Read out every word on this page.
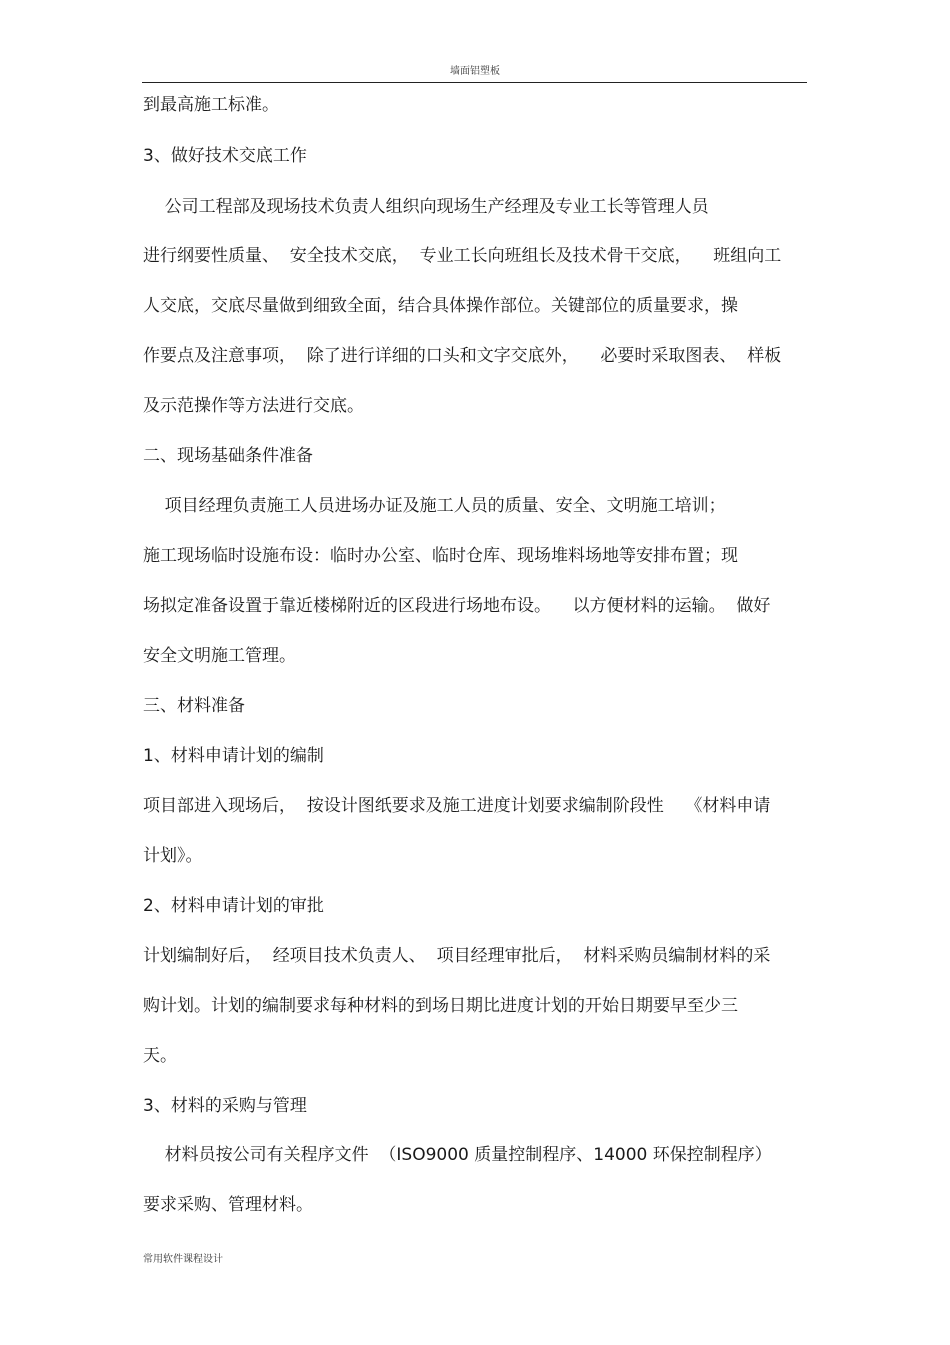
墙面铝塑板
到最高施工标准。
3、做好技术交底工作
公司工程部及现场技术负责人组织向现场生产经理及专业工长等管理人员
进行纲要性质量、  安全技术交底，  专业工长向班组长及技术骨干交底，    班组向工
人交底，交底尽量做到细致全面，结合具体操作部位。关键部位的质量要求，操
作要点及注意事项，  除了进行详细的口头和文字交底外，    必要时采取图表、  样板
及示范操作等方法进行交底。
二、现场基础条件准备
项目经理负责施工人员进场办证及施工人员的质量、安全、文明施工培训；
施工现场临时设施布设：临时办公室、临时仓库、现场堆料场地等安排布置；现
场拟定准备设置于靠近楼梯附近的区段进行场地布设。    以方便材料的运输。  做好
安全文明施工管理。
三、材料准备
1、材料申请计划的编制
项目部进入现场后，  按设计图纸要求及施工进度计划要求编制阶段性    《材料申请
计划》。
2、材料申请计划的审批
计划编制好后，  经项目技术负责人、  项目经理审批后，  材料采购员编制材料的采
购计划。计划的编制要求每种材料的到场日期比进度计划的开始日期要早至少三
天。
3、材料的采购与管理
材料员按公司有关程序文件  （ISO9000 质量控制程序、14000 环保控制程序）
要求采购、管理材料。
常用软件课程设计
